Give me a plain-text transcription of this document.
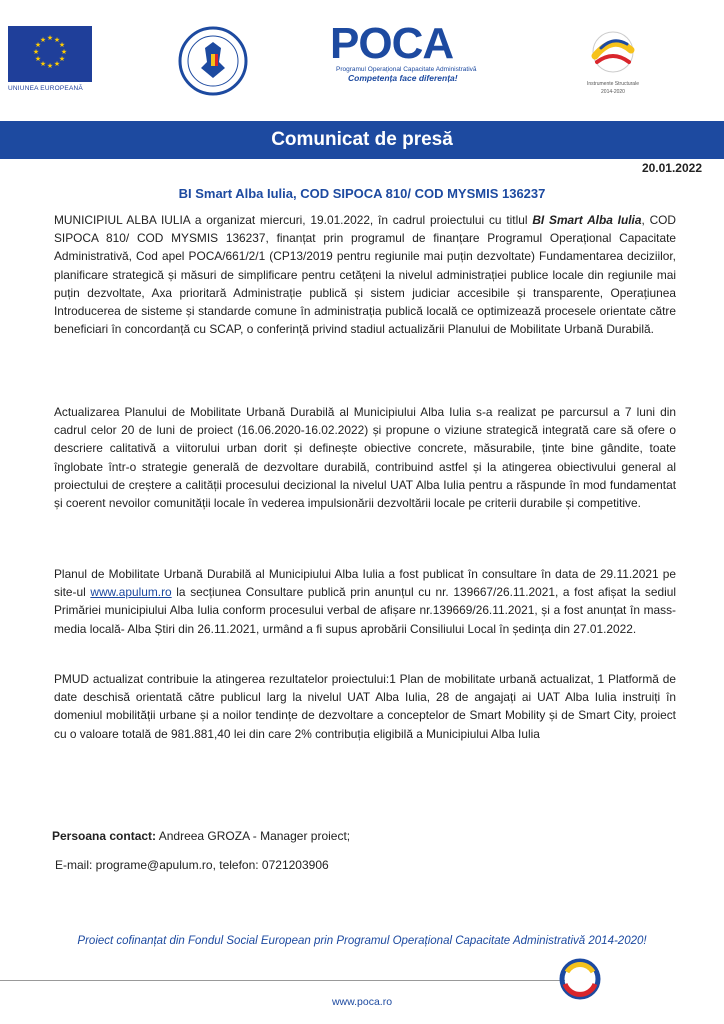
★ ★
★
★
★
★
★
★
★
★
★
★
UNIUNEA EUROPEANĂ
POCA
Programul Operațional Capacitate Administrativă
Competența face diferența!
Instrumente Structurale
2014-2020
Comunicat de presă
20.01.2022
BI Smart Alba Iulia, COD SIPOCA 810/ COD MYSMIS 136237
MUNICIPIUL ALBA IULIA a organizat miercuri, 19.01.2022, în cadrul proiectului cu titlul BI Smart Alba Iulia, COD SIPOCA 810/ COD MYSMIS 136237, finanțat prin programul de finanțare Programul Operațional Capacitate Administrativă, Cod apel POCA/661/2/1 (CP13/2019 pentru regiunile mai puțin dezvoltate) Fundamentarea deciziilor, planificare strategică și măsuri de simplificare pentru cetățeni la nivelul administrației publice locale din regiunile mai puțin dezvoltate, Axa prioritară Administrație publică și sistem judiciar accesibile și transparente, Operațiunea Introducerea de sisteme și standarde comune în administrația publică locală ce optimizează procesele orientate către beneficiari în concordanță cu SCAP, o conferință privind stadiul actualizării Planului de Mobilitate Urbană Durabilă.
Actualizarea Planului de Mobilitate Urbană Durabilă al Municipiului Alba Iulia s-a realizat pe parcursul a 7 luni din cadrul celor 20 de luni de proiect (16.06.2020-16.02.2022) și propune o viziune strategică integrată care să ofere o descriere calitativă a viitorului urban dorit și definește obiective concrete, măsurabile, ținte bine gândite, toate înglobate într-o strategie generală de dezvoltare durabilă, contribuind astfel și la atingerea obiectivului general al proiectului de creștere a calității procesului decizional la nivelul UAT Alba Iulia pentru a răspunde în mod fundamentat și coerent nevoilor comunității locale în vederea impulsionării dezvoltării locale pe criterii durabile și competitive.
Planul de Mobilitate Urbană Durabilă al Municipiului Alba Iulia a fost publicat în consultare în data de 29.11.2021 pe site-ul www.apulum.ro la secțiunea Consultare publică prin anunțul cu nr. 139667/26.11.2021, a fost afișat la sediul Primăriei municipiului Alba Iulia conform procesului verbal de afișare nr.139669/26.11.2021, și a fost anunțat în mass-media locală- Alba Știri din 26.11.2021, urmând a fi supus aprobării Consiliului Local în ședința din 27.01.2022.
PMUD actualizat contribuie la atingerea rezultatelor proiectului:1 Plan de mobilitate urbană actualizat, 1 Platformă de date deschisă orientată către publicul larg la nivelul UAT Alba Iulia, 28 de angajați ai UAT Alba Iulia instruiți în domeniul mobilității urbane și a noilor tendințe de dezvoltare a conceptelor de Smart Mobility și de Smart City, proiect cu o valoare totală de 981.881,40 lei din care 2% contribuția eligibilă a Municipiului Alba Iulia
Persoana contact: Andreea GROZA - Manager proiect;
E-mail: programe@apulum.ro, telefon: 0721203906
Proiect cofinanțat din Fondul Social European prin Programul Operațional Capacitate Administrativă 2014-2020!
www.poca.ro
